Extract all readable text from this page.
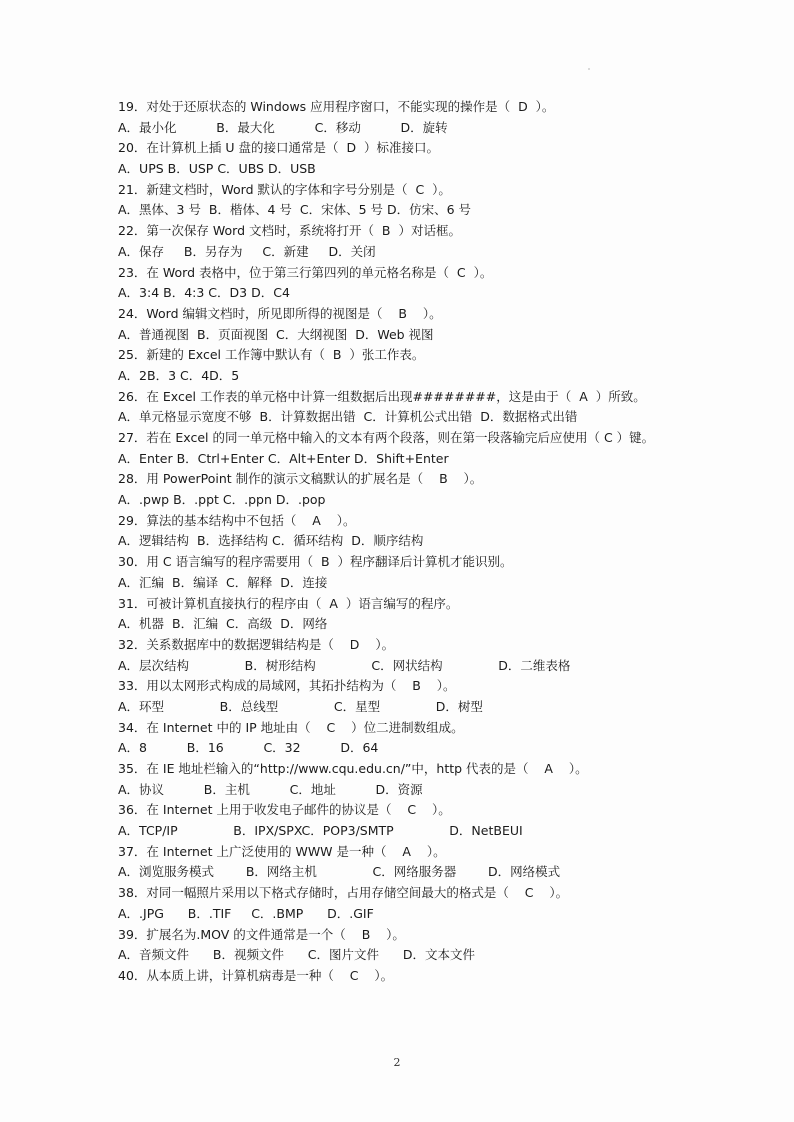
19．对处于还原状态的 Windows 应用程序窗口，不能实现的操作是（  D  ）。
A．最小化          B．最大化          C．移动          D．旋转
20．在计算机上插 U 盘的接口通常是（  D  ）标准接口。
A．UPS B．USP C．UBS D．USB
21．新建文档时，Word 默认的字体和字号分别是（  C  ）。
A．黑体、3 号  B．楷体、4 号  C．宋体、5 号 D．仿宋、6 号
22．第一次保存 Word 文档时，系统将打开（  B  ）对话框。
A．保存     B．另存为     C．新建     D．关闭
23．在 Word 表格中，位于第三行第四列的单元格名称是（  C  ）。
A．3:4 B．4:3 C．D3 D．C4
24．Word 编辑文档时，所见即所得的视图是（    B    ）。
A．普通视图  B．页面视图  C．大纲视图  D．Web 视图
25．新建的 Excel 工作簿中默认有（  B  ）张工作表。
A．2B．3 C．4D．5
26．在 Excel 工作表的单元格中计算一组数据后出现########，这是由于（  A  ）所致。
A．单元格显示宽度不够  B．计算数据出错  C．计算机公式出错  D．数据格式出错
27．若在 Excel 的同一单元格中输入的文本有两个段落，则在第一段落输完后应使用（ C ）键。
A．Enter B．Ctrl+Enter C．Alt+Enter D．Shift+Enter
28．用 PowerPoint 制作的演示文稿默认的扩展名是（    B    ）。
A．.pwp B．.ppt C．.ppn D．.pop
29．算法的基本结构中不包括（    A    ）。
A．逻辑结构  B．选择结构 C．循环结构  D．顺序结构
30．用 C 语言编写的程序需要用（  B  ）程序翻译后计算机才能识别。
A．汇编  B．编译  C．解释  D．连接
31．可被计算机直接执行的程序由（  A  ）语言编写的程序。
A．机器  B．汇编  C．高级  D．网络
32．关系数据库中的数据逻辑结构是（    D    ）。
A．层次结构              B．树形结构              C．网状结构              D．二维表格
33．用以太网形式构成的局域网，其拓扑结构为（    B    ）。
A．环型              B．总线型              C．星型              D．树型
34．在 Internet 中的 IP 地址由（    C    ）位二进制数组成。
A．8          B．16          C．32          D．64
35．在 IE 地址栏输入的“http://www.cqu.edu.cn/”中，http 代表的是（    A    ）。
A．协议          B．主机          C．地址          D．资源
36．在 Internet 上用于收发电子邮件的协议是（    C    ）。
A．TCP/IP              B．IPX/SPXC．POP3/SMTP              D．NetBEUI
37．在 Internet 上广泛使用的 WWW 是一种（    A    ）。
A．浏览服务模式        B．网络主机              C．网络服务器        D．网络模式
38．对同一幅照片采用以下格式存储时，占用存储空间最大的格式是（    C    ）。
A．.JPG      B．.TIF     C．.BMP      D．.GIF
39．扩展名为.MOV 的文件通常是一个（    B    ）。
A．音频文件      B．视频文件      C．图片文件      D．文本文件
40．从本质上讲，计算机病毒是一种（    C    ）。
2
